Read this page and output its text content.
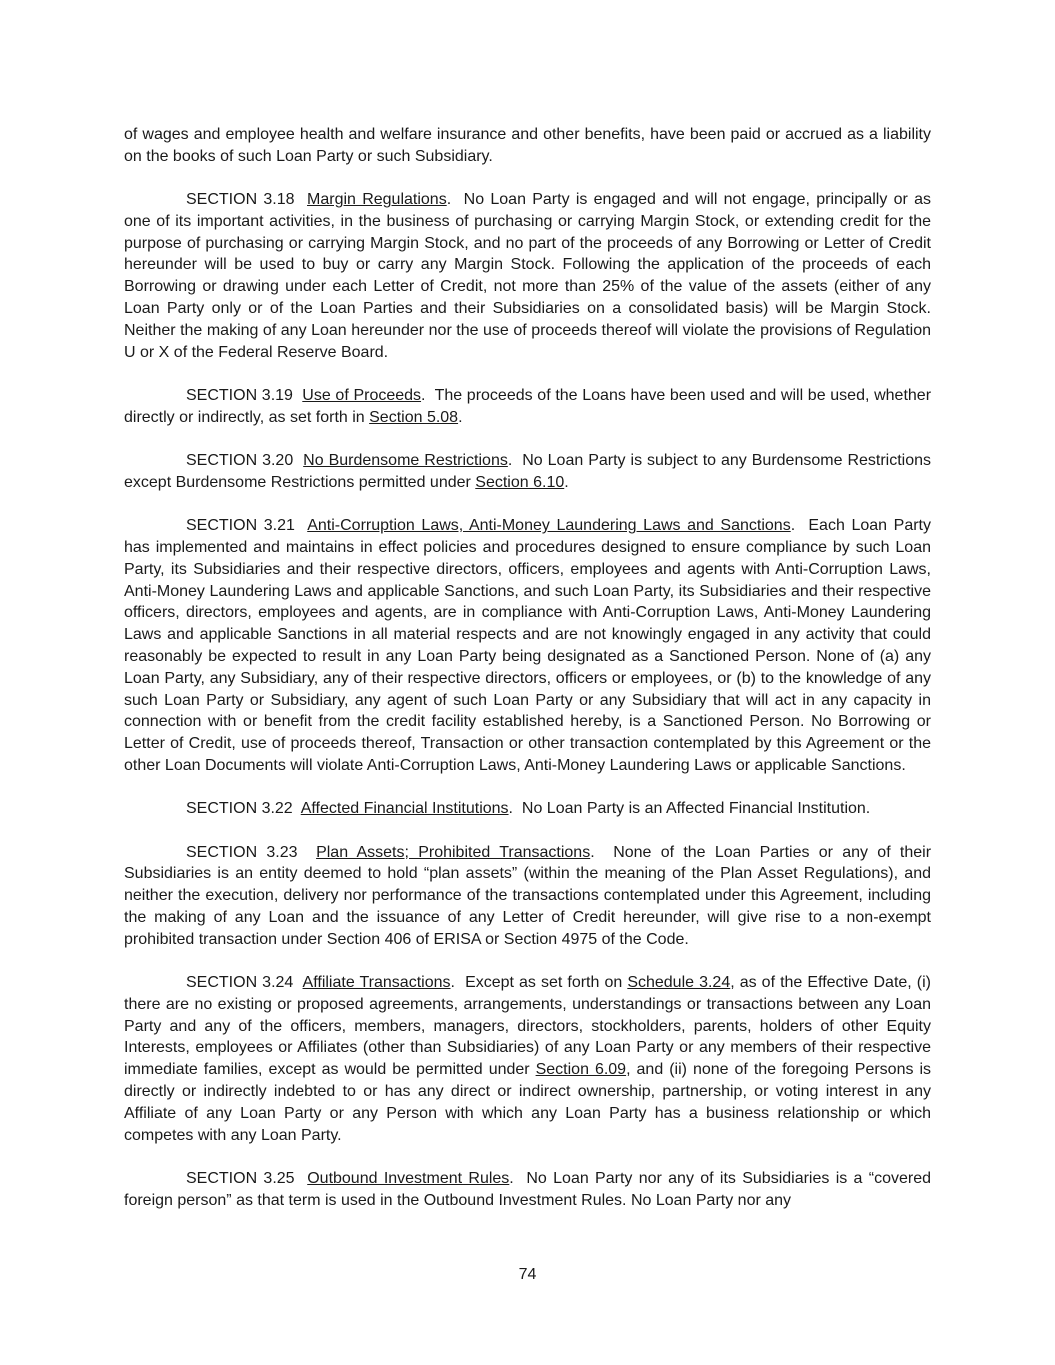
of wages and employee health and welfare insurance and other benefits, have been paid or accrued as a liability on the books of such Loan Party or such Subsidiary.

SECTION 3.18 Margin Regulations.  No Loan Party is engaged and will not engage, principally or as one of its important activities, in the business of purchasing or carrying Margin Stock, or extending credit for the purpose of purchasing or carrying Margin Stock, and no part of the proceeds of any Borrowing or Letter of Credit hereunder will be used to buy or carry any Margin Stock. Following the application of the proceeds of each Borrowing or drawing under each Letter of Credit, not more than 25% of the value of the assets (either of any Loan Party only or of the Loan Parties and their Subsidiaries on a consolidated basis) will be Margin Stock. Neither the making of any Loan hereunder nor the use of proceeds thereof will violate the provisions of Regulation U or X of the Federal Reserve Board.

SECTION 3.19 Use of Proceeds.  The proceeds of the Loans have been used and will be used, whether directly or indirectly, as set forth in Section 5.08.

SECTION 3.20 No Burdensome Restrictions.  No Loan Party is subject to any Burdensome Restrictions except Burdensome Restrictions permitted under Section 6.10.

SECTION 3.21 Anti-Corruption Laws, Anti-Money Laundering Laws and Sanctions.  Each Loan Party has implemented and maintains in effect policies and procedures designed to ensure compliance by such Loan Party, its Subsidiaries and their respective directors, officers, employees and agents with Anti-Corruption Laws, Anti-Money Laundering Laws and applicable Sanctions, and such Loan Party, its Subsidiaries and their respective officers, directors, employees and agents, are in compliance with Anti-Corruption Laws, Anti-Money Laundering Laws and applicable Sanctions in all material respects and are not knowingly engaged in any activity that could reasonably be expected to result in any Loan Party being designated as a Sanctioned Person. None of (a) any Loan Party, any Subsidiary, any of their respective directors, officers or employees, or (b) to the knowledge of any such Loan Party or Subsidiary, any agent of such Loan Party or any Subsidiary that will act in any capacity in connection with or benefit from the credit facility established hereby, is a Sanctioned Person. No Borrowing or Letter of Credit, use of proceeds thereof, Transaction or other transaction contemplated by this Agreement or the other Loan Documents will violate Anti-Corruption Laws, Anti-Money Laundering Laws or applicable Sanctions.

SECTION 3.22 Affected Financial Institutions.  No Loan Party is an Affected Financial Institution.

SECTION 3.23 Plan Assets; Prohibited Transactions.  None of the Loan Parties or any of their Subsidiaries is an entity deemed to hold “plan assets” (within the meaning of the Plan Asset Regulations), and neither the execution, delivery nor performance of the transactions contemplated under this Agreement, including the making of any Loan and the issuance of any Letter of Credit hereunder, will give rise to a non-exempt prohibited transaction under Section 406 of ERISA or Section 4975 of the Code.

SECTION 3.24 Affiliate Transactions.  Except as set forth on Schedule 3.24, as of the Effective Date, (i) there are no existing or proposed agreements, arrangements, understandings or transactions between any Loan Party and any of the officers, members, managers, directors, stockholders, parents, holders of other Equity Interests, employees or Affiliates (other than Subsidiaries) of any Loan Party or any members of their respective immediate families, except as would be permitted under Section 6.09, and (ii) none of the foregoing Persons is directly or indirectly indebted to or has any direct or indirect ownership, partnership, or voting interest in any Affiliate of any Loan Party or any Person with which any Loan Party has a business relationship or which competes with any Loan Party.

SECTION 3.25 Outbound Investment Rules.  No Loan Party nor any of its Subsidiaries is a “covered foreign person” as that term is used in the Outbound Investment Rules. No Loan Party nor any

74
